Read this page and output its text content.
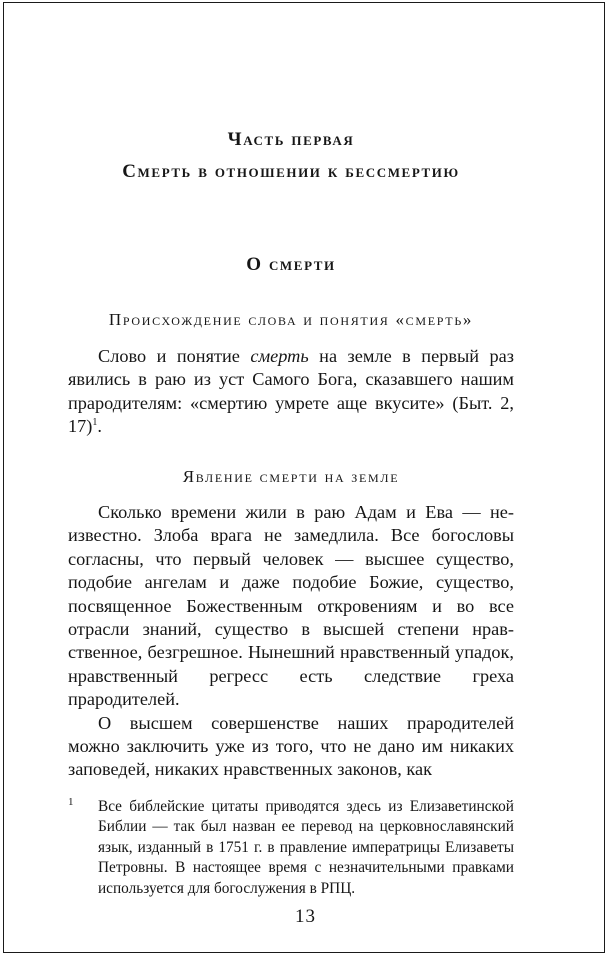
Часть первая

Смерть в отношении к бессмертию

О смерти

Происхождение слова и понятия «смерть»

Слово и понятие смерть на земле в первый раз явились в раю из уст Самого Бога, сказавшего нашим прародителям: «смертию умрете аще вкусите» (Быт. 2, 17)$^1$.

Явление смерти на земле

Сколько времени жили в раю Адам и Ева — неизвестно. Злоба врага не замедлила. Все богословы согласны, что первый человек — высшее существо, подобие ангелам и даже подобие Божие, существо, посвященное Божественным откровениям и во все отрасли знаний, существо в высшей степени нравственное, безгрешное. Нынешний нравственный упадок, нравственный регресс есть следствие греха прародителей.

О высшем совершенстве наших прародителей можно заключить уже из того, что не дано им никаких заповедей, никаких нравственных законов, как

1 Все библейские цитаты приводятся здесь из Елизаветинской Библии — так был назван ее перевод на церковнославянский язык, изданный в 1751 г. в правление императрицы Елизаветы Петровны. В настоящее время с незначительными правками используется для богослужения в РПЦ.

13
